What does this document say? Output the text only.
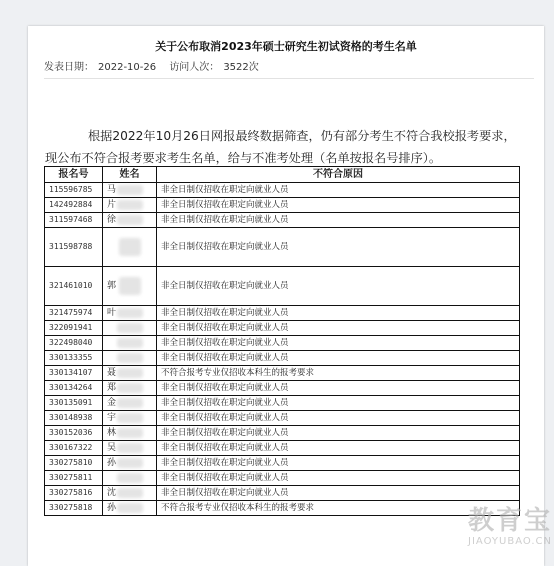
关于公布取消2023年硕士研究生初试资格的考生名单
发表日期： 2022-10-26 访问人次： 3522次

根据2022年10月26日网报最终数据筛查，仍有部分考生不符合我校报考要求，

现公布不符合报考要求考生名单，给与不准考处理（名单按报名号排序）。

报名号	姓名	不符合原因
115596785	马	非全日制仅招收在职定向就业人员
142492884	片	非全日制仅招收在职定向就业人员
311597468	徐	非全日制仅招收在职定向就业人员
311598788		非全日制仅招收在职定向就业人员
321461010	郭	非全日制仅招收在职定向就业人员
321475974	叶	非全日制仅招收在职定向就业人员
322091941		非全日制仅招收在职定向就业人员
322498040		非全日制仅招收在职定向就业人员
330133355		非全日制仅招收在职定向就业人员
330134107	聂	不符合报考专业仅招收本科生的报考要求
330134264	郑	非全日制仅招收在职定向就业人员
330135091	金	非全日制仅招收在职定向就业人员
330148938	宇	非全日制仅招收在职定向就业人员
330152036	林	非全日制仅招收在职定向就业人员
330167322	吴	非全日制仅招收在职定向就业人员
330275810	孙	非全日制仅招收在职定向就业人员
330275811		非全日制仅招收在职定向就业人员
330275816	沈	非全日制仅招收在职定向就业人员
330275818	孙	不符合报考专业仅招收本科生的报考要求	教育宝
JIAOYUBAO.CN
